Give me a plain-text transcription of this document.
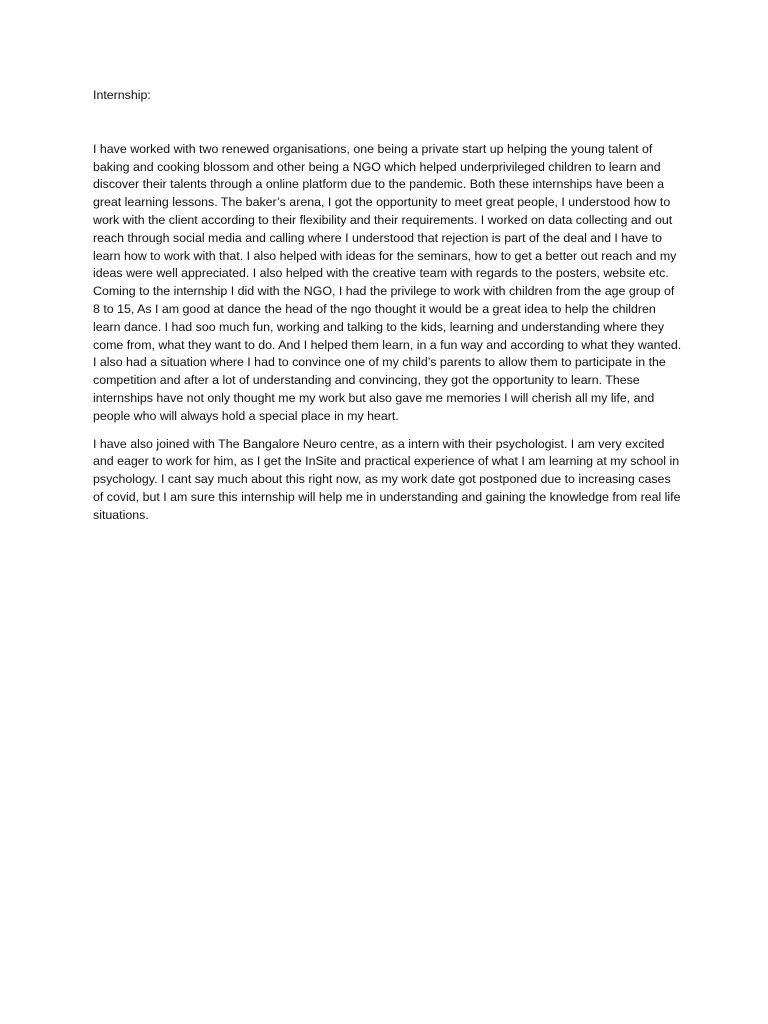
Internship:

I have worked with two renewed organisations, one being a private start up helping the young talent of baking and cooking blossom and other being a NGO which helped underprivileged children to learn and discover their talents through a online platform due to the pandemic. Both these internships have been a great learning lessons. The baker’s arena, I got the opportunity to meet great people, I understood how to work with the client according to their flexibility and their requirements. I worked on data collecting and out reach through social media and calling where I understood that rejection is part of the deal and I have to learn how to work with that. I also helped with ideas for the seminars, how to get a better out reach and my ideas were well appreciated. I also helped with the creative team with regards to the posters, website etc.

Coming to the internship I did with the NGO, I had the privilege to work with children from the age group of 8 to 15, As I am good at dance the head of the ngo thought it would be a great idea to help the children learn dance. I had soo much fun, working and talking to the kids, learning and understanding where they come from, what they want to do. And I helped them learn, in a fun way and according to what they wanted. I also had a situation where I had to convince one of my child’s parents to allow them to participate in the competition and after a lot of understanding and convincing, they got the opportunity to learn. These internships have not only thought me my work but also gave me memories I will cherish all my life, and people who will always hold a special place in my heart.

I have also joined with The Bangalore Neuro centre, as a intern with their psychologist. I am very excited and eager to work for him, as I get the InSite and practical experience of what I am learning at my school in psychology. I cant say much about this right now, as my work date got postponed due to increasing cases of covid, but I am sure this internship will help me in understanding and gaining the knowledge from real life situations.
